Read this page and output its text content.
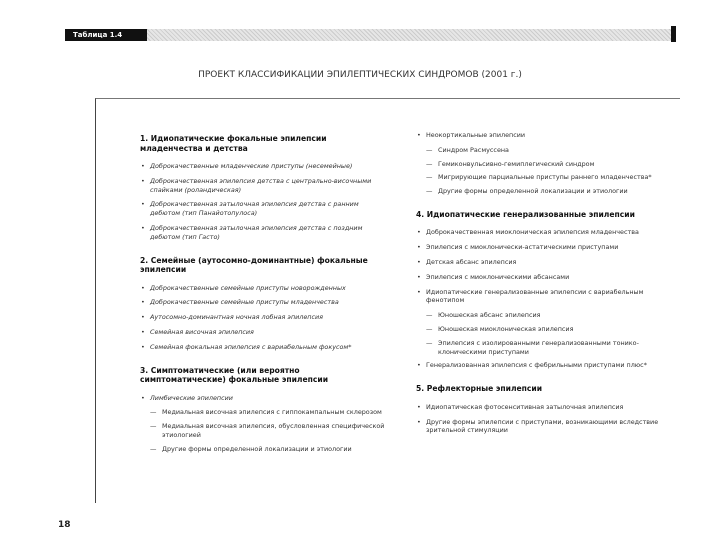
Таблица 1.4
ПРОЕКТ КЛАССИФИКАЦИИ ЭПИЛЕПТИЧЕСКИХ СИНДРОМОВ (2001 г.)
1. Идиопатические фокальные эпилепсии младенчества и детства
• Доброкачественные младенческие приступы (несемейные)
• Доброкачественная эпилепсия детства с центрально-височными спайками (роландическая)
• Доброкачественная затылочная эпилепсия детства с ранним дебютом (тип Панайотопулоса)
• Доброкачественная затылочная эпилепсия детства с поздним дебютом (тип Гасто)
2. Семейные (аутосомно-доминантные) фокальные эпилепсии
• Доброкачественные семейные приступы новорожденных
• Доброкачественные семейные приступы младенчества
• Аутосомно-доминантная ночная лобная эпилепсия
• Семейная височная эпилепсия
• Семейная фокальная эпилепсия с вариабельным фокусом*
3. Симптоматические (или вероятно симптоматические) фокальные эпилепсии
• Лимбические эпилепсии
— Медиальная височная эпилепсия с гиппокампальным склерозом
— Медиальная височная эпилепсия, обусловленная специфической этиологией
— Другие формы определенной локализации и этиологии
• Неокортикальные эпилепсии
— Синдром Расмуссена
— Гемиконвульсивно-гемиплегический синдром
— Мигрирующие парциальные приступы раннего младенчества*
— Другие формы определенной локализации и этиологии
4. Идиопатические генерализованные эпилепсии
• Доброкачественная миоклоническая эпилепсия младенчества
• Эпилепсия с миоклонически-астатическими приступами
• Детская абсанс эпилепсия
• Эпилепсия с миоклоническими абсансами
• Идиопатические генерализованные эпилепсии с вариабельным фенотипом
— Юношеская абсанс эпилепсия
— Юношеская миоклоническая эпилепсия
— Эпилепсия с изолированными генерализованными тонико-клоническими приступами
• Генерализованная эпилепсия с фебрильными приступами плюс*
5. Рефлекторные эпилепсии
• Идиопатическая фотосенситивная затылочная эпилепсия
• Другие формы эпилепсии с приступами, возникающими вследствие зрительной стимуляции
18
